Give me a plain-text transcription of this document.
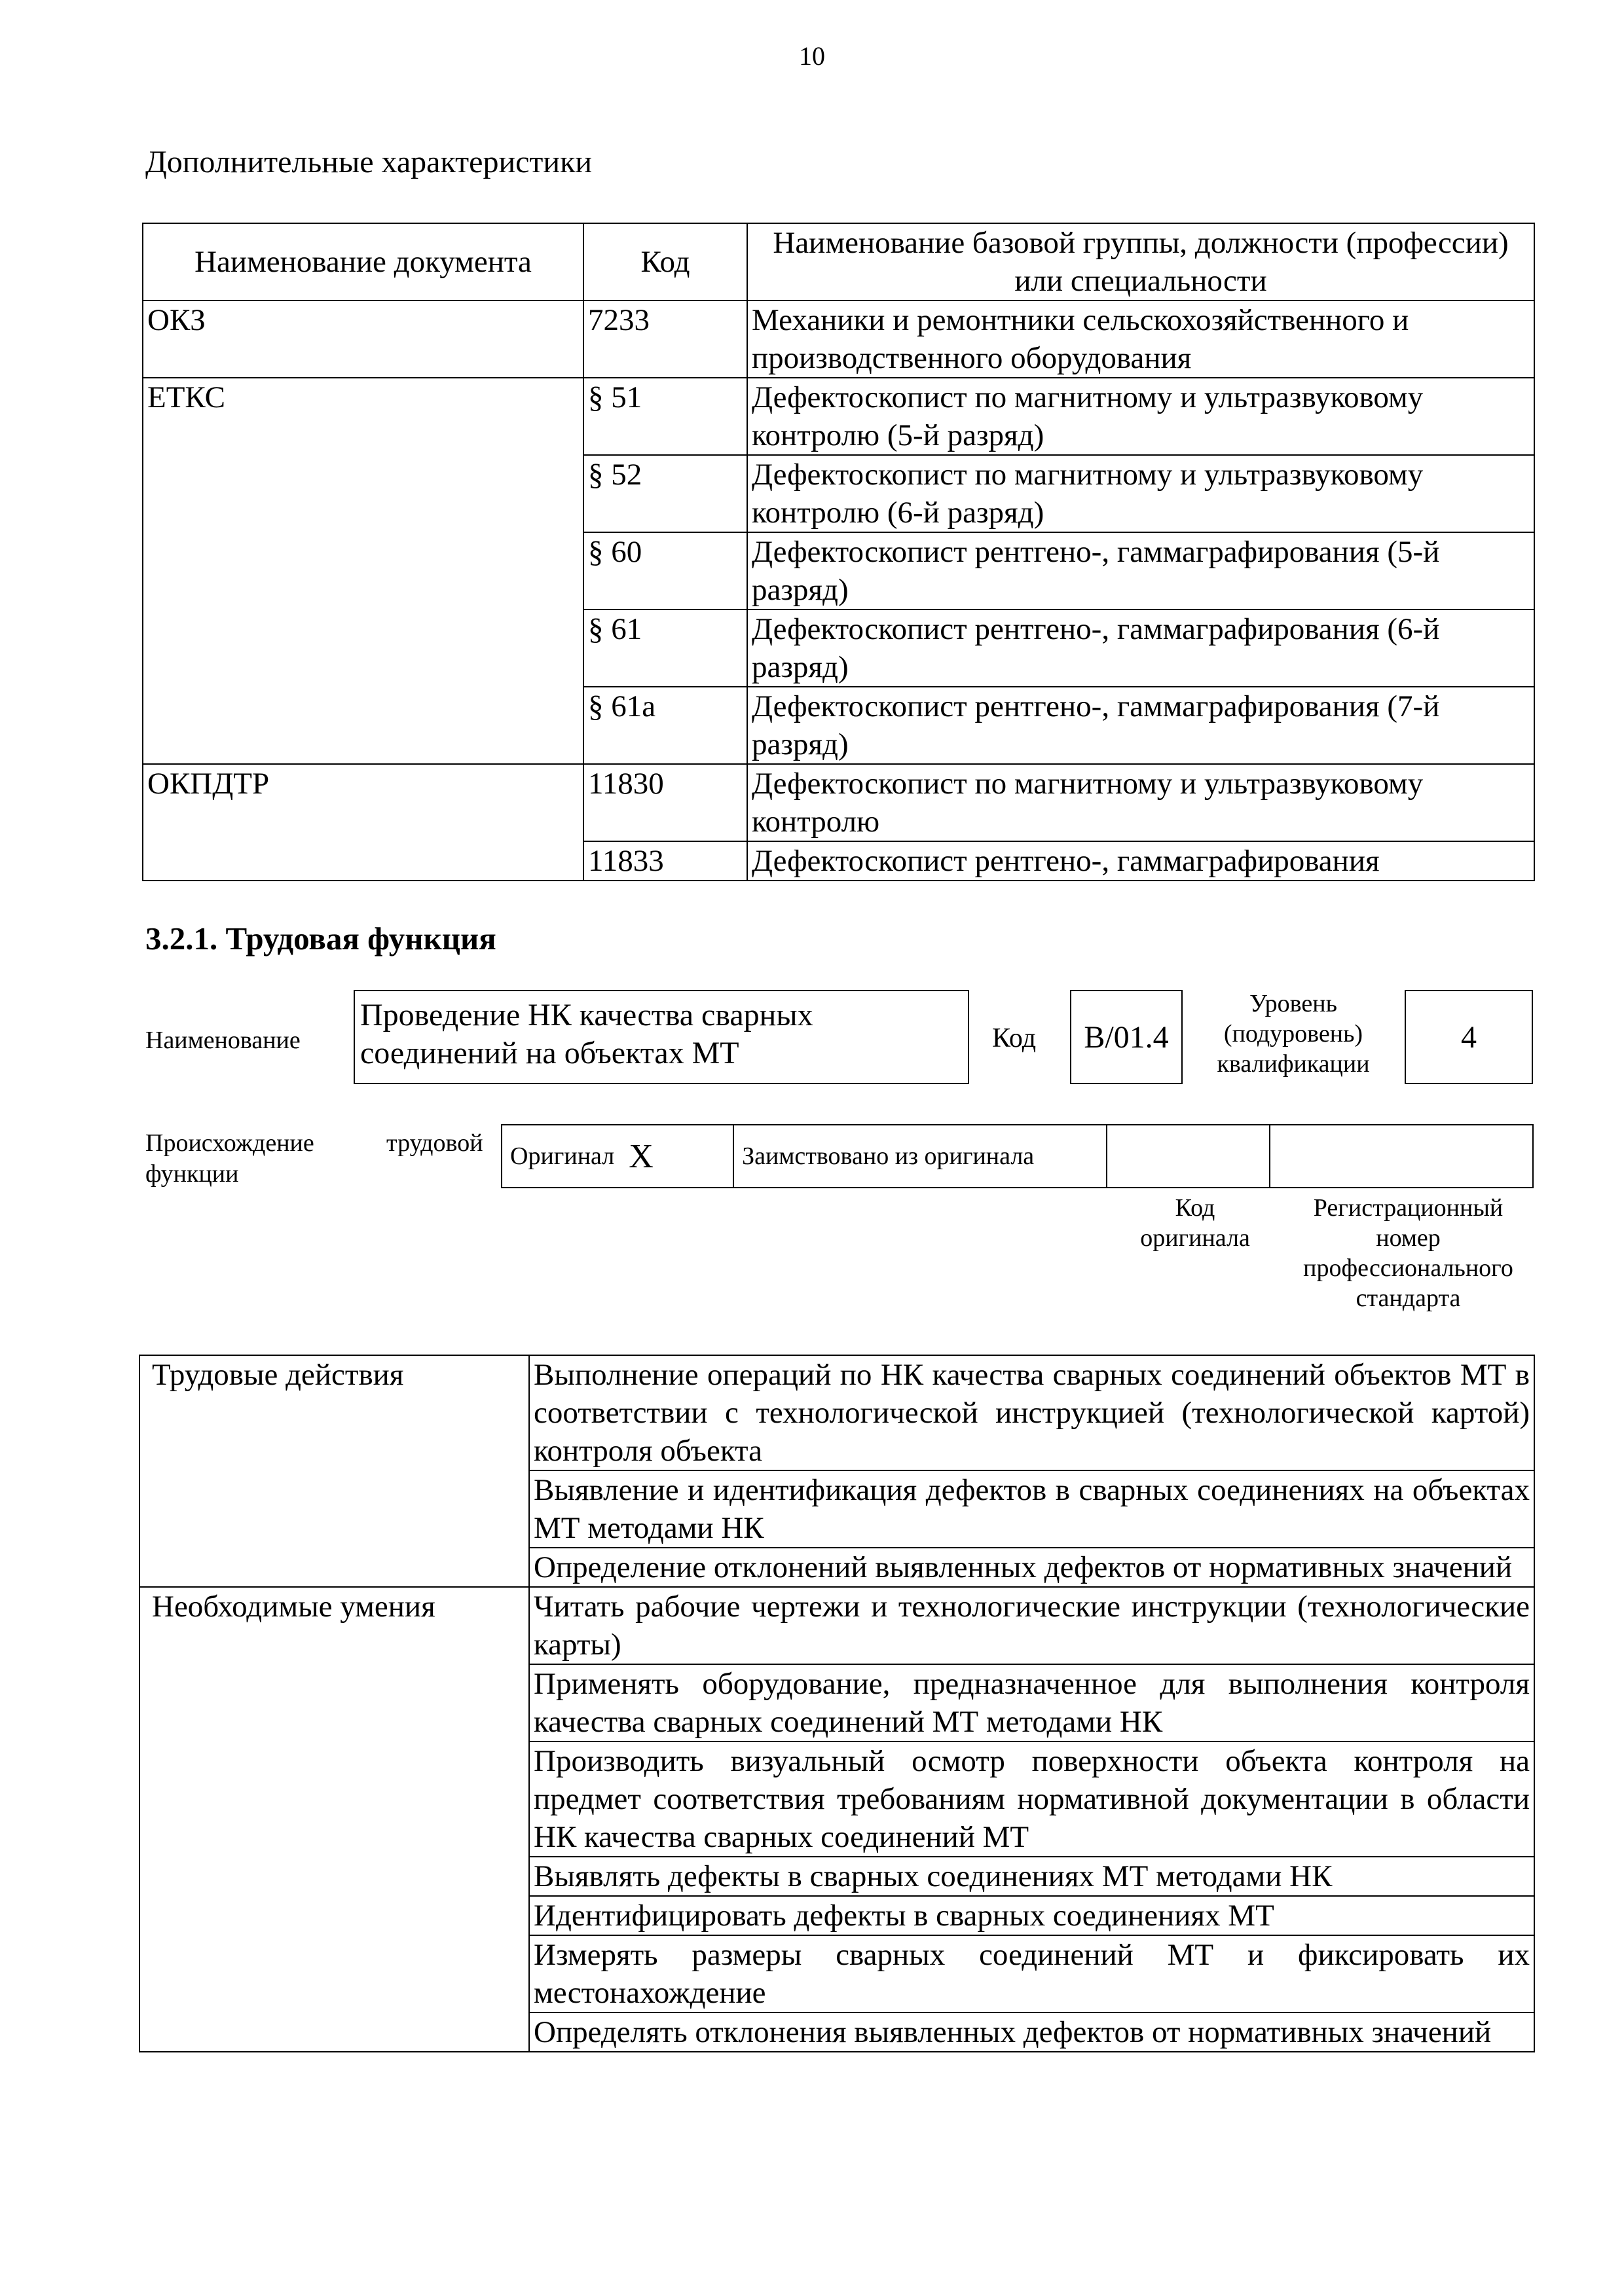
10
Дополнительные характеристики
Наименование документа	Код	Наименование базовой группы, должности (профессии) или специальности
ОКЗ	7233	Механики и ремонтники сельскохозяйственного и производственного оборудования
ЕТКС	§ 51	Дефектоскопист по магнитному и ультразвуковому контролю (5-й разряд)
	§ 52	Дефектоскопист по магнитному и ультразвуковому контролю (6-й разряд)
	§ 60	Дефектоскопист рентгено-, гаммаграфирования (5-й разряд)
	§ 61	Дефектоскопист рентгено-, гаммаграфирования (6-й разряд)
	§ 61а	Дефектоскопист рентгено-, гаммаграфирования (7-й разряд)
ОКПДТР	11830	Дефектоскопист по магнитному и ультразвуковому контролю
	11833	Дефектоскопист рентгено-, гаммаграфирования
3.2.1. Трудовая функция
Наименование
Проведение НК качества сварных соединений на объектах МТ	Код	B/01.4
Уровень
(подуровень)
квалификации
4
Происхождение	трудовой
функции
Оригинал X	Заимствовано из оригинала
Код
оригинала
Регистрационный
номер
профессионального
стандарта
Трудовые действия	Выполнение операций по НК качества сварных соединений объектов МТ в соответствии с технологической инструкцией (технологической картой) контроля объекта
	Выявление и идентификация дефектов в сварных соединениях на объектах МТ методами НК
	Определение отклонений выявленных дефектов от нормативных значений
Необходимые умения	Читать рабочие чертежи и технологические инструкции (технологические карты)
	Применять оборудование, предназначенное для выполнения контроля качества сварных соединений МТ методами НК
	Производить визуальный осмотр поверхности объекта контроля на предмет соответствия требованиям нормативной документации в области НК качества сварных соединений МТ
	Выявлять дефекты в сварных соединениях МТ методами НК
	Идентифицировать дефекты в сварных соединениях МТ
	Измерять размеры сварных соединений МТ и фиксировать их местонахождение
	Определять отклонения выявленных дефектов от нормативных значений
